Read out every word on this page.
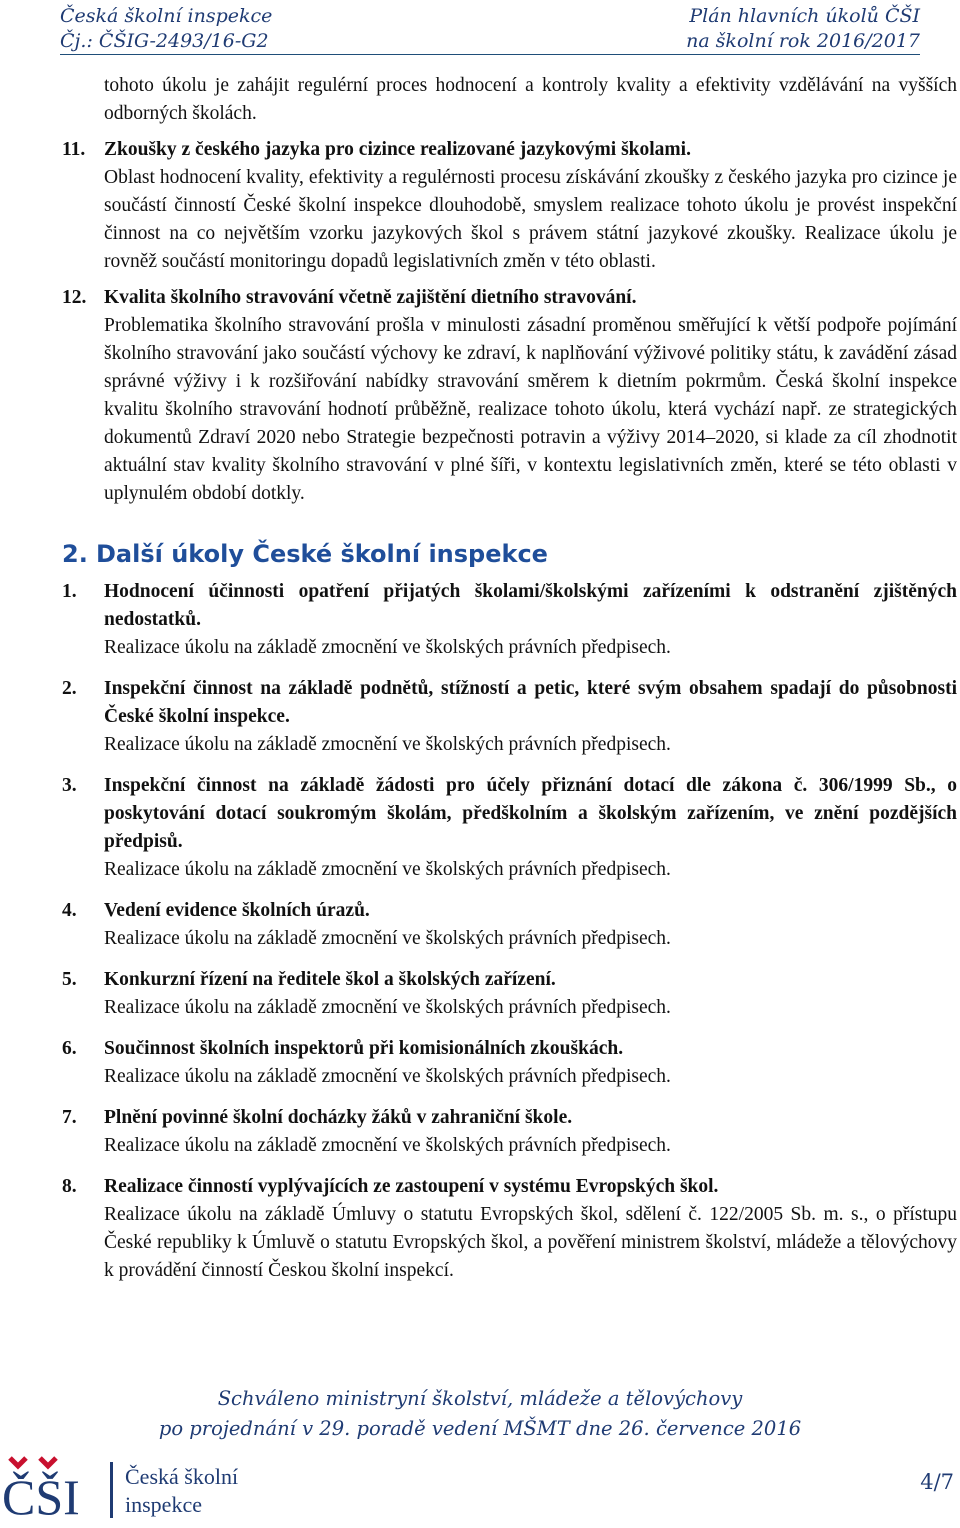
Česká školní inspekce
Čj.: ČŠIG-2493/16-G2
Plán hlavních úkolů ČŠI
na školní rok 2016/2017

tohoto úkolu je zahájit regulérní proces hodnocení a kontroly kvality a efektivity vzdělávání na vyšších odborných školách.

11. Zkoušky z českého jazyka pro cizince realizované jazykovými školami.

Oblast hodnocení kvality, efektivity a regulérnosti procesu získávání zkoušky z českého jazyka pro cizince je součástí činností České školní inspekce dlouhodobě, smyslem realizace tohoto úkolu je provést inspekční činnost na co největším vzorku jazykových škol s právem státní jazykové zkoušky. Realizace úkolu je rovněž součástí monitoringu dopadů legislativních změn v této oblasti.

12. Kvalita školního stravování včetně zajištění dietního stravování.

Problematika školního stravování prošla v minulosti zásadní proměnou směřující k větší podpoře pojímání školního stravování jako součástí výchovy ke zdraví, k naplňování výživové politiky státu, k zavádění zásad správné výživy i k rozšiřování nabídky stravování směrem k dietním pokrmům. Česká školní inspekce kvalitu školního stravování hodnotí průběžně, realizace tohoto úkolu, která vychází např. ze strategických dokumentů Zdraví 2020 nebo Strategie bezpečnosti potravin a výživy 2014–2020, si klade za cíl zhodnotit aktuální stav kvality školního stravování v plné šíři, v kontextu legislativních změn, které se této oblasti v uplynulém období dotkly.

2. Další úkoly České školní inspekce
1. Hodnocení účinnosti opatření přijatých školami/školskými zařízeními k odstranění zjištěných nedostatků.

Realizace úkolu na základě zmocnění ve školských právních předpisech.

2. Inspekční činnost na základě podnětů, stížností a petic, které svým obsahem spadají do působnosti České školní inspekce.

Realizace úkolu na základě zmocnění ve školských právních předpisech.

3. Inspekční činnost na základě žádosti pro účely přiznání dotací dle zákona č. 306/1999 Sb., o poskytování dotací soukromým školám, předškolním a školským zařízením, ve znění pozdějších předpisů.

Realizace úkolu na základě zmocnění ve školských právních předpisech.

4. Vedení evidence školních úrazů.

Realizace úkolu na základě zmocnění ve školských právních předpisech.

5. Konkurzní řízení na ředitele škol a školských zařízení.

Realizace úkolu na základě zmocnění ve školských právních předpisech.

6. Součinnost školních inspektorů při komisionálních zkouškách.

Realizace úkolu na základě zmocnění ve školských právních předpisech.

7. Plnění povinné školní docházky žáků v zahraniční škole.

Realizace úkolu na základě zmocnění ve školských právních předpisech.

8. Realizace činností vyplývajících ze zastoupení v systému Evropských škol.

Realizace úkolu na základě Úmluvy o statutu Evropských škol, sdělení č. 122/2005 Sb. m. s., o přístupu České republiky k Úmluvě o statutu Evropských škol, a pověření ministrem školství, mládeže a tělovýchovy k provádění činností Českou školní inspekcí.

Schváleno ministryní školství, mládeže a tělovýchovy
po projednání v 29. poradě vedení MŠMT dne 26. července 2016
ČŠI Česká školní
inspekce
4/7
